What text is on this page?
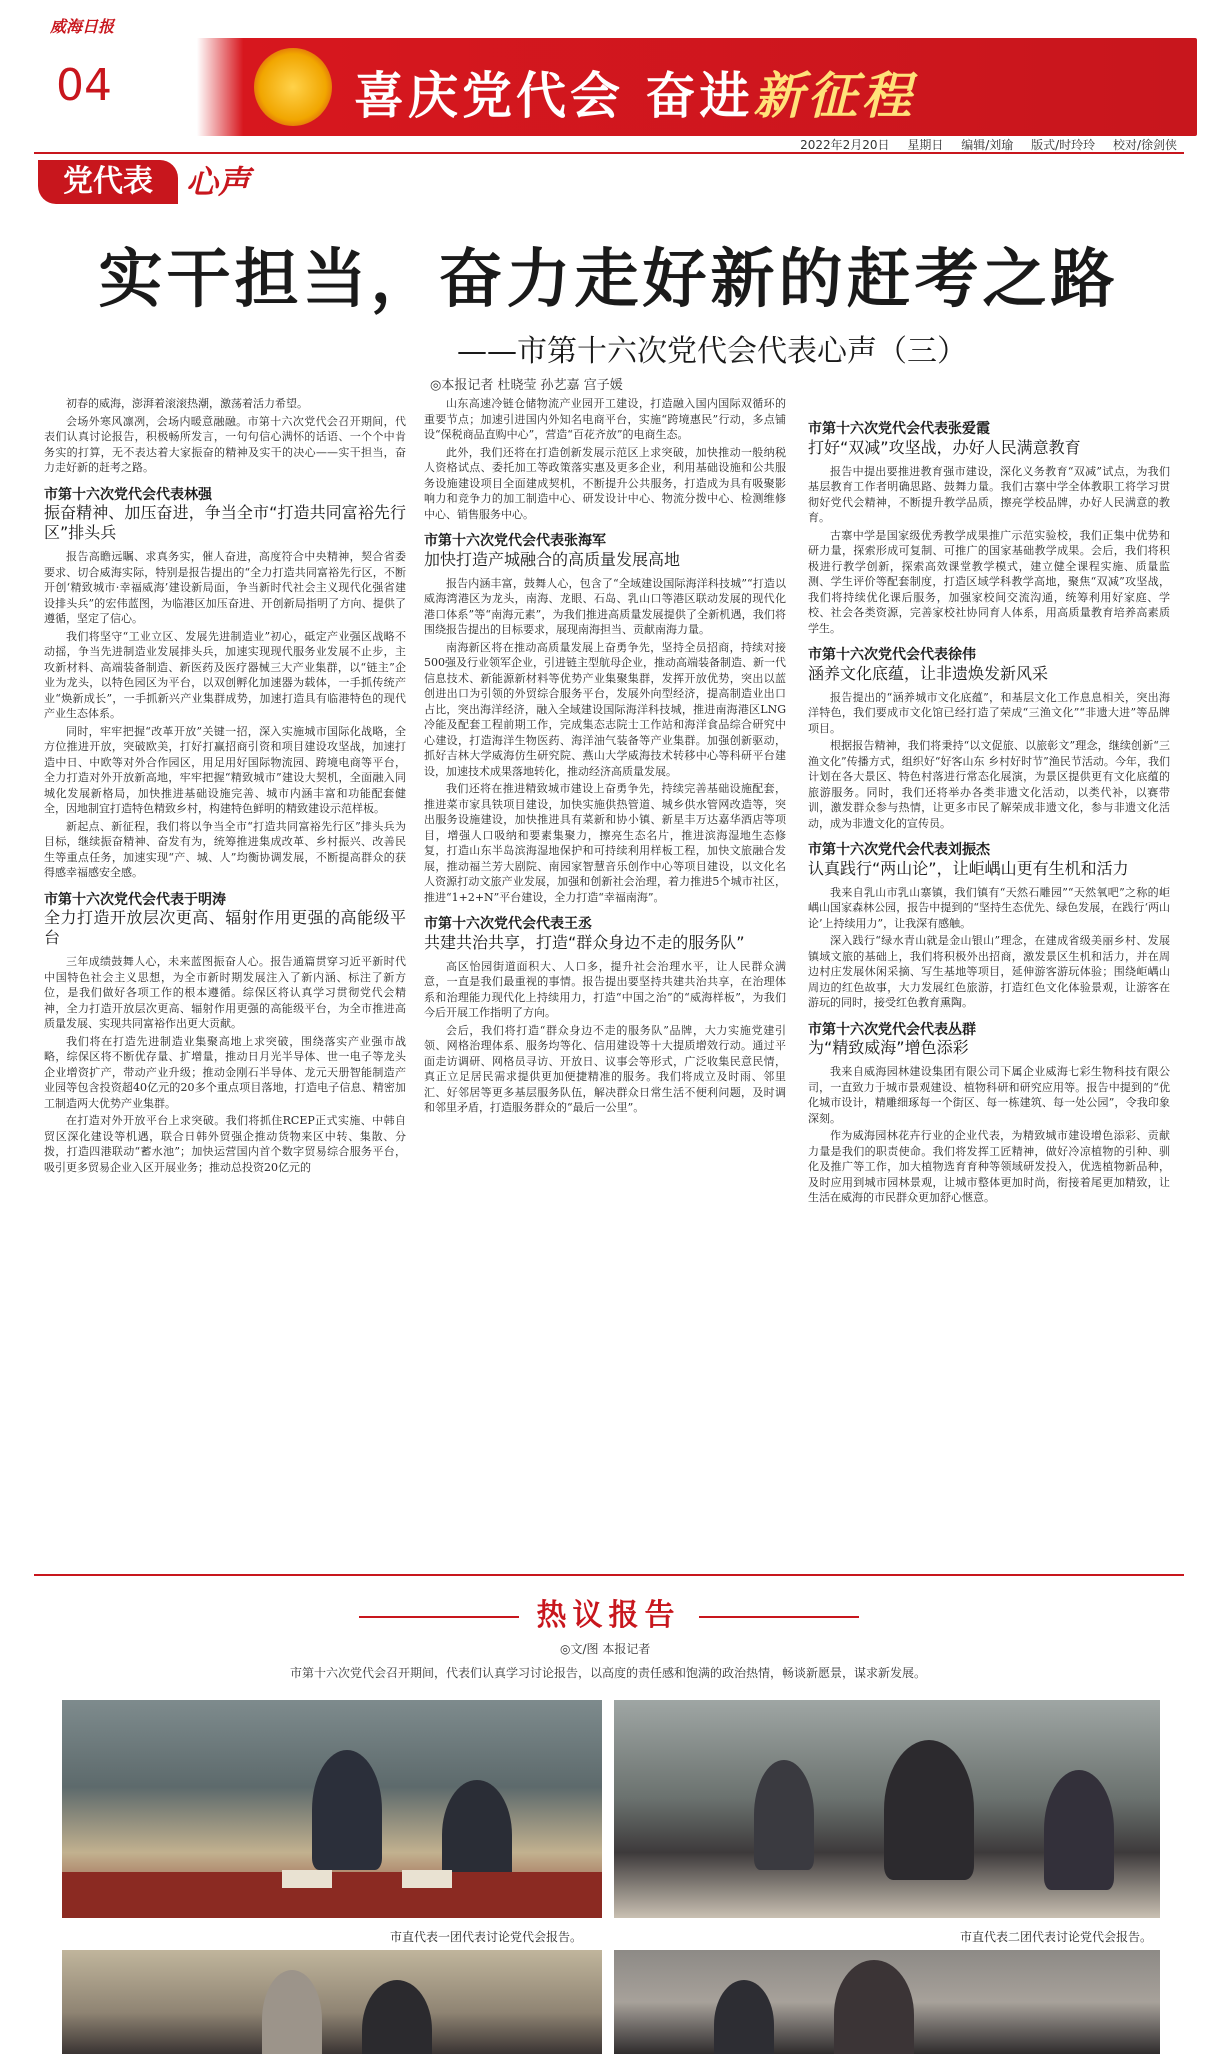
威海日报
04	喜庆党代会 奋进新征程
2022年2月20日 星期日 编辑/刘瑜 版式/时玲玲 校对/徐剑侠
党代表	心声
实干担当，奋力走好新的赶考之路
——市第十六次党代会代表心声（三）
◎本报记者 杜晓莹 孙艺嘉 宫子媛

初春的威海，澎湃着滚滚热潮，激荡着活力希望。

会场外寒风凛冽，会场内暖意融融。市第十六次党代会召开期间，代表们认真讨论报告，积极畅所发言，一句句信心满怀的话语、一个个中肯务实的打算，无不表达着大家振奋的精神及实干的决心——实干担当，奋力走好新的赶考之路。

市第十六次党代会代表林强
振奋精神、加压奋进，争当全市“打造共同富裕先行区”排头兵

报告高瞻远瞩、求真务实，催人奋进，高度符合中央精神，契合省委要求、切合威海实际，特别是报告提出的“全力打造共同富裕先行区，不断开创‘精致城市·幸福威海’建设新局面，争当新时代社会主义现代化强省建设排头兵”的宏伟蓝图，为临港区加压奋进、开创新局指明了方向、提供了遵循，坚定了信心。

我们将坚守“工业立区、发展先进制造业”初心，砥定产业强区战略不动摇，争当先进制造业发展排头兵，加速实现现代服务业发展不止步，主攻新材料、高端装备制造、新医药及医疗器械三大产业集群，以“链主”企业为龙头，以特色园区为平台，以双创孵化加速器为载体，一手抓传统产业“焕新成长”，一手抓新兴产业集群成势，加速打造具有临港特色的现代产业生态体系。

同时，牢牢把握“改革开放”关键一招，深入实施城市国际化战略，全方位推进开放，突破欧美，打好打赢招商引资和项目建设攻坚战，加速打造中日、中欧等对外合作园区，用足用好国际物流园、跨境电商等平台，全力打造对外开放新高地，牢牢把握“精致城市”建设大契机，全面融入同城化发展新格局，加快推进基础设施完善、城市内涵丰富和功能配套健全，因地制宜打造特色精致乡村，构建特色鲜明的精致建设示范样板。

新起点、新征程，我们将以争当全市“打造共同富裕先行区”排头兵为目标，继续振奋精神、奋发有为，统筹推进集成改革、乡村振兴、改善民生等重点任务，加速实现“产、城、人”均衡协调发展，不断提高群众的获得感幸福感安全感。

市第十六次党代会代表于明涛
全力打造开放层次更高、辐射作用更强的高能级平台

三年成绩鼓舞人心，未来蓝图振奋人心。报告通篇贯穿习近平新时代中国特色社会主义思想，为全市新时期发展注入了新内涵、标注了新方位，是我们做好各项工作的根本遵循。综保区将认真学习贯彻党代会精神，全力打造开放层次更高、辐射作用更强的高能级平台，为全市推进高质量发展、实现共同富裕作出更大贡献。

我们将在打造先进制造业集聚高地上求突破，围绕落实产业强市战略，综保区将不断优存量、扩增量，推动日月光半导体、世一电子等龙头企业增资扩产，带动产业升级；推动金刚石半导体、龙元天册智能制造产业园等包含投资超40亿元的20多个重点项目落地，打造电子信息、精密加工制造两大优势产业集群。

在打造对外开放平台上求突破。我们将抓住RCEP正式实施、中韩自贸区深化建设等机遇，联合日韩外贸强企推动货物来区中转、集散、分拨，打造四港联动“蓄水池”；加快运营国内首个数字贸易综合服务平台，吸引更多贸易企业入区开展业务；推动总投资20亿元的

山东高速冷链仓储物流产业园开工建设，打造融入国内国际双循环的重要节点；加速引进国内外知名电商平台，实施“跨境惠民”行动，多点铺设“保税商品直购中心”，营造“百花齐放”的电商生态。

此外，我们还将在打造创新发展示范区上求突破，加快推动一般纳税人资格试点、委托加工等政策落实惠及更多企业，利用基础设施和公共服务设施建设项目全面建成契机，不断提升公共服务，打造成为具有吸聚影响力和竞争力的加工制造中心、研发设计中心、物流分拨中心、检测维修中心、销售服务中心。

市第十六次党代会代表张海军
加快打造产城融合的高质量发展高地

报告内涵丰富，鼓舞人心，包含了“全域建设国际海洋科技城”“打造以威海湾港区为龙头，南海、龙眼、石岛、乳山口等港区联动发展的现代化港口体系”等“南海元素”，为我们推进高质量发展提供了全新机遇，我们将围绕报告提出的目标要求，展现南海担当、贡献南海力量。

南海新区将在推动高质量发展上奋勇争先，坚持全员招商，持续对接500强及行业领军企业，引进链主型航母企业，推动高端装备制造、新一代信息技术、新能源新材料等优势产业集聚集群，发挥开放优势，突出以蓝创进出口为引领的外贸综合服务平台，发展外向型经济，提高制造业出口占比，突出海洋经济，融入全域建设国际海洋科技城，推进南海港区LNG冷能及配套工程前期工作，完成集态志院士工作站和海洋食品综合研究中心建设，打造海洋生物医药、海洋油气装备等产业集群。加强创新驱动，抓好吉林大学威海仿生研究院、燕山大学威海技术转移中心等科研平台建设，加速技术成果落地转化，推动经济高质量发展。

我们还将在推进精致城市建设上奋勇争先，持续完善基础设施配套，推进菜市家具铁项目建设，加快实施供热管道、城乡供水管网改造等，突出服务设施建设，加快推进具有菜新和协小镇、新星丰万达嘉华酒店等项目，增强人口吸纳和要素集聚力，擦亮生态名片，推进滨海湿地生态修复，打造山东半岛滨海湿地保护和可持续利用样板工程，加快文旅融合发展，推动福兰芳大剧院、南园家智慧音乐创作中心等项目建设，以文化名人资源打动文旅产业发展，加强和创新社会治理，着力推进5个城市社区，推进“1+2+N”平台建设，全力打造“幸福南海”。

市第十六次党代会代表王丞
共建共治共享，打造“群众身边不走的服务队”

高区怡园街道面积大、人口多，提升社会治理水平，让人民群众满意，一直是我们最重视的事情。报告提出要坚持共建共治共享，在治理体系和治理能力现代化上持续用力，打造“中国之治”的“威海样板”，为我们今后开展工作指明了方向。

会后，我们将打造“群众身边不走的服务队”品牌，大力实施党建引领、网格治理体系、服务均等化、信用建设等十大提质增效行动。通过平面走访调研、网格员寻访、开放日、议事会等形式，广泛收集民意民情，真正立足居民需求提供更加便捷精准的服务。我们将成立及时雨、邻里汇、好邻居等更多基层服务队伍，解决群众日常生活不便利问题，及时调和邻里矛盾，打造服务群众的“最后一公里”。

市第十六次党代会代表张爱霞
打好“双减”攻坚战，办好人民满意教育

报告中提出要推进教育强市建设，深化义务教育“双减”试点，为我们基层教育工作者明确思路、鼓舞力量。我们古寨中学全体教职工将学习贯彻好党代会精神，不断提升教学品质，擦亮学校品牌，办好人民满意的教育。

古寨中学是国家级优秀教学成果推广示范实验校，我们正集中优势和研力量，探索形成可复制、可推广的国家基础教学成果。会后，我们将积极进行教学创新，探索高效课堂教学模式，建立健全课程实施、质量监测、学生评价等配套制度，打造区域学科教学高地，聚焦“双减”攻坚战，我们将持续优化课后服务，加强家校间交流沟通，统筹利用好家庭、学校、社会各类资源，完善家校社协同育人体系，用高质量教育培养高素质学生。

市第十六次党代会代表徐伟
涵养文化底蕴，让非遗焕发新风采

报告提出的“涵养城市文化底蕴”，和基层文化工作息息相关，突出海洋特色，我们要成市文化馆已经打造了荣成“三渔文化”“非遗大进”等品牌项目。

根据报告精神，我们将秉持“以文促旅、以旅彰文”理念，继续创新“三渔文化”传播方式，组织好“好客山东 乡村好时节”渔民节活动。今年，我们计划在各大景区、特色村落进行常态化展演，为景区提供更有文化底蕴的旅游服务。同时，我们还将举办各类非遗文化活动，以类代补，以赛带训，激发群众参与热情，让更多市民了解荣成非遗文化，参与非遗文化活动，成为非遗文化的宣传员。

市第十六次党代会代表刘振杰
认真践行“两山论”，让岠嵎山更有生机和活力

我来自乳山市乳山寨镇，我们镇有“天然石雕园”“天然氧吧”之称的岠嵎山国家森林公园，报告中提到的“坚持生态优先、绿色发展，在践行‘两山论’上持续用力”，让我深有感触。

深入践行“绿水青山就是金山银山”理念，在建成省级美丽乡村、发展镇域文旅的基础上，我们将积极外出招商，激发景区生机和活力，并在周边村庄发展休闲采摘、写生基地等项目，延伸游客游玩体验；围绕岠嵎山周边的红色故事，大力发展红色旅游，打造红色文化体验景观，让游客在游玩的同时，接受红色教育熏陶。

市第十六次党代会代表丛群
为“精致威海”增色添彩

我来自威海园林建设集团有限公司下属企业威海七彩生物科技有限公司，一直致力于城市景观建设、植物科研和研究应用等。报告中提到的“优化城市设计，精雕细琢每一个街区、每一栋建筑、每一处公园”，令我印象深刻。

作为威海园林花卉行业的企业代表，为精致城市建设增色添彩、贡献力量是我们的职责使命。我们将发挥工匠精神，做好冷凉植物的引种、驯化及推广等工作，加大植物选育育种等领域研发投入，优选植物新品种，及时应用到城市园林景观，让城市整体更加时尚，衔接着尾更加精致，让生活在威海的市民群众更加舒心惬意。

热议报告
◎文/图 本报记者
市第十六次党代会召开期间，代表们认真学习讨论报告，以高度的责任感和饱满的政治热情，畅谈新愿景，谋求新发展。
市直代表一团代表讨论党代会报告。	市直代表二团代表讨论党代会报告。
